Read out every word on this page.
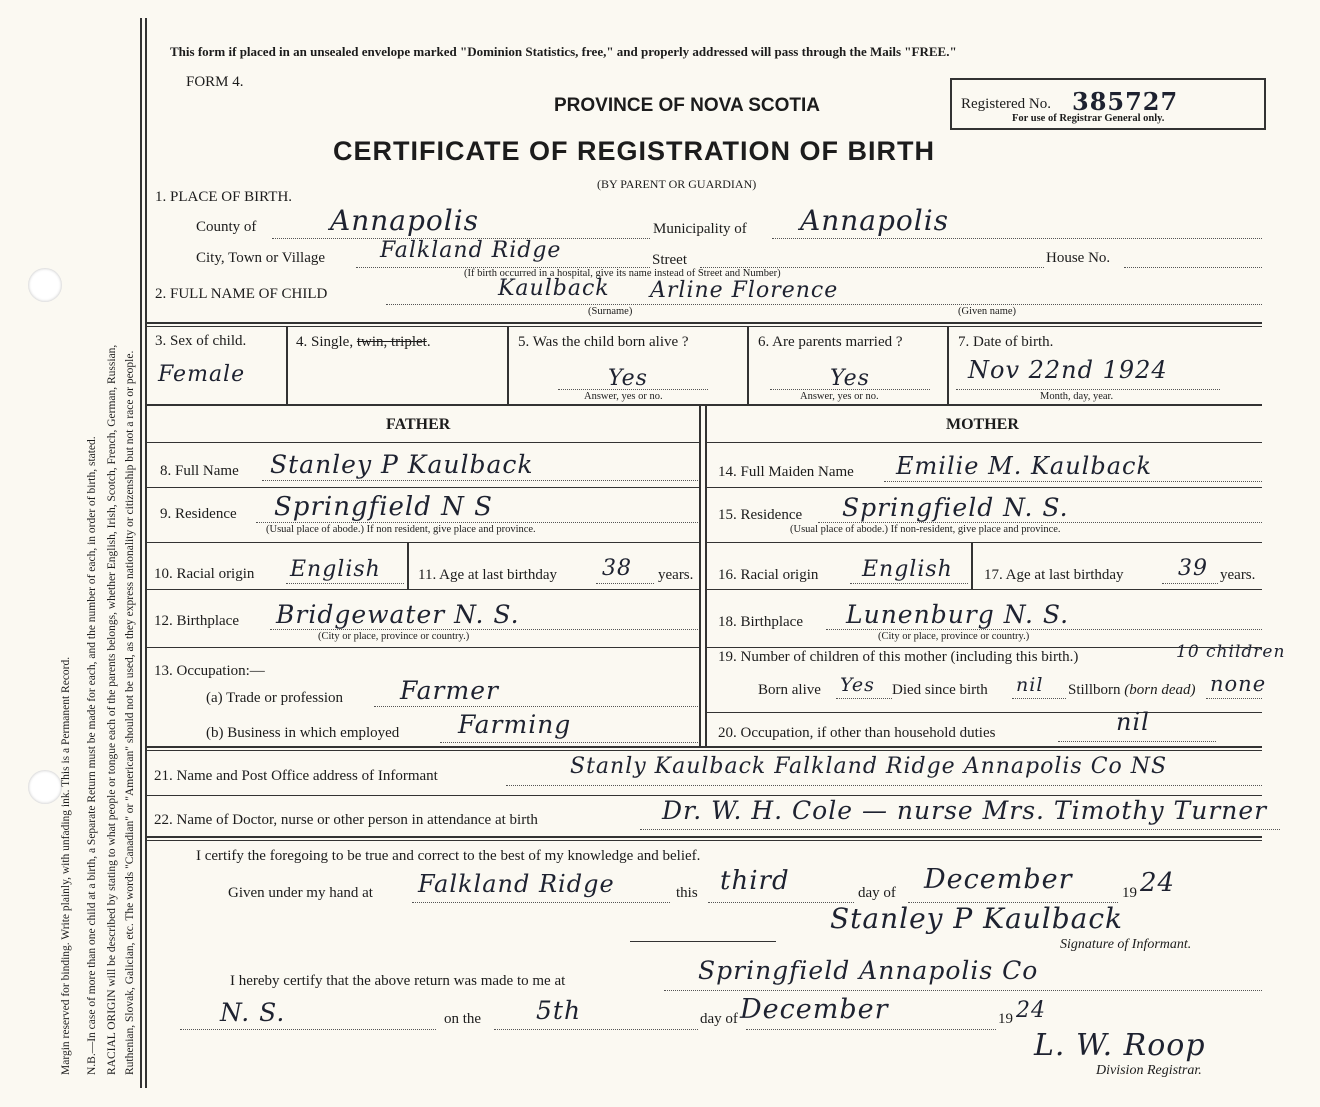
Margin reserved for binding. Write plainly, with unfading ink. This is a Permanent Record. N.B.—In case of more than one child at a birth, a Separate Return must be made for each, and the number of each, in order of birth, stated. RACIAL ORIGIN will be described by stating to what people or tongue each of the parents belongs, whether English, Irish, Scotch, French, German, Russian, Ruthenian, Slovak, Galician, etc. The words "Canadian" or "American" should not be used, as they express nationality or citizenship but not a race or people.
This form if placed in an unsealed envelope marked "Dominion Statistics, free," and properly addressed will pass through the Mails "FREE."
FORM 4.
PROVINCE OF NOVA SCOTIA
CERTIFICATE OF REGISTRATION OF BIRTH
(BY PARENT OR GUARDIAN)
Registered No. 385727
For use of Registrar General only.
1. PLACE OF BIRTH.
County of	Annapolis	Municipality of Annapolis
City, Town or Village Falkland Ridge	Street	House No.
(If birth occurred in a hospital, give its name instead of Street and Number)
2. FULL NAME OF CHILD	Kaulback Arline Florence
(Surname)	(Given name)
3. Sex of child.
Female
4. Single, twin, triplet.	5. Was the child born alive ?
Yes
Answer, yes or no.
6. Are parents married ?
Yes
Answer, yes or no.
7. Date of birth.
Nov 22nd 1924
Month, day, year.
FATHER	MOTHER
8. Full Name Stanley P Kaulback	14. Full Maiden Name Emilie M. Kaulback
9. Residence Springfield N S
(Usual place of abode.) If non resident, give place and province.
15. Residence Springfield N. S.
(Usual place of abode.) If non-resident, give place and province.
10. Racial origin English 11. Age at last birthday 38 years. 16. Racial origin English 17. Age at last birthday 39 years.
12. Birthplace Bridgewater N. S.
(City or place, province or country.)
18. Birthplace Lunenburg N. S.
(City or place, province or country.)
13. Occupation:—
(a) Trade or profession Farmer
(b) Business in which employed Farming
19. Number of children of this mother (including this birth.)	10 children
Born alive Yes Died since birth nil Stillborn (born dead) none
20. Occupation, if other than household duties	nil
21. Name and Post Office address of Informant	Stanly Kaulback Falkland Ridge Annapolis Co NS
22. Name of Doctor, nurse or other person in attendance at birth	Dr. W. H. Cole — nurse Mrs. Timothy Turner
I certify the foregoing to be true and correct to the best of my knowledge and belief.
Given under my hand at Falkland Ridge	this third	day of December	19 24
Stanley P Kaulback
Signature of Informant.
I hereby certify that the above return was made to me at	Springfield Annapolis Co
N. S.	on the 5th	day of December	19 24
L. W. Roop
Division Registrar.
